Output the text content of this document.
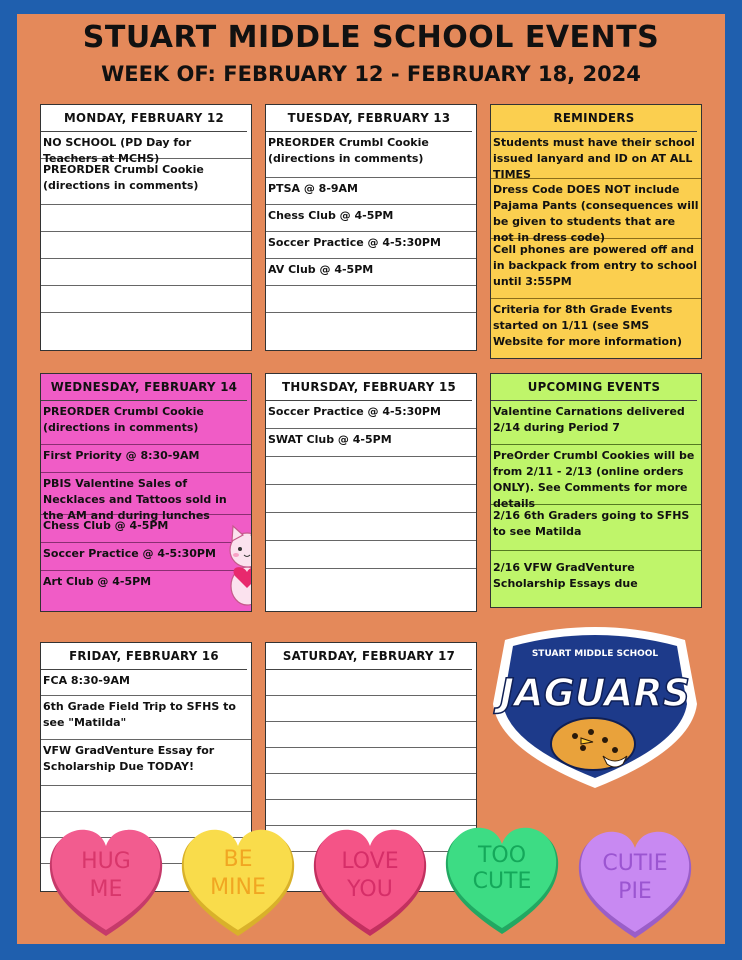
STUART MIDDLE SCHOOL EVENTS
WEEK OF: FEBRUARY 12 - FEBRUARY 18, 2024
MONDAY, FEBRUARY 12
NO SCHOOL (PD Day for Teachers at MCHS)
PREORDER Crumbl Cookie (directions in comments)
TUESDAY, FEBRUARY 13
PREORDER Crumbl Cookie (directions in comments)
PTSA @ 8-9AM
Chess Club @ 4-5PM
Soccer Practice @ 4-5:30PM
AV Club @ 4-5PM
REMINDERS
Students must have their school issued lanyard and ID on AT ALL TIMES
Dress Code DOES NOT include Pajama Pants (consequences will be given to students that are not in dress code)
Cell phones are powered off and in backpack from entry to school until 3:55PM
Criteria for 8th Grade Events started on 1/11 (see SMS Website for more information)
WEDNESDAY, FEBRUARY 14
PREORDER Crumbl Cookie (directions in comments)
First Priority @ 8:30-9AM
PBIS Valentine Sales of Necklaces and Tattoos sold in the AM and during lunches
Chess Club @ 4-5PM
Soccer Practice @ 4-5:30PM
Art Club @ 4-5PM
THURSDAY, FEBRUARY 15
Soccer Practice @ 4-5:30PM
SWAT Club @ 4-5PM
UPCOMING EVENTS
Valentine Carnations delivered 2/14 during Period 7
PreOrder Crumbl Cookies will be from 2/11 - 2/13 (online orders ONLY). See Comments for more details
2/16 6th Graders going to SFHS to see Matilda
2/16 VFW GradVenture Scholarship Essays due
FRIDAY, FEBRUARY 16
FCA 8:30-9AM
6th Grade Field Trip to SFHS to see "Matilda"
VFW GradVenture Essay for Scholarship Due TODAY!
SATURDAY, FEBRUARY 17	STUART MIDDLE SCHOOL
JAGUARS
HUG
ME
BE
MINE
LOVE
YOU
TOO
CUTE
CUTIE
PIE
